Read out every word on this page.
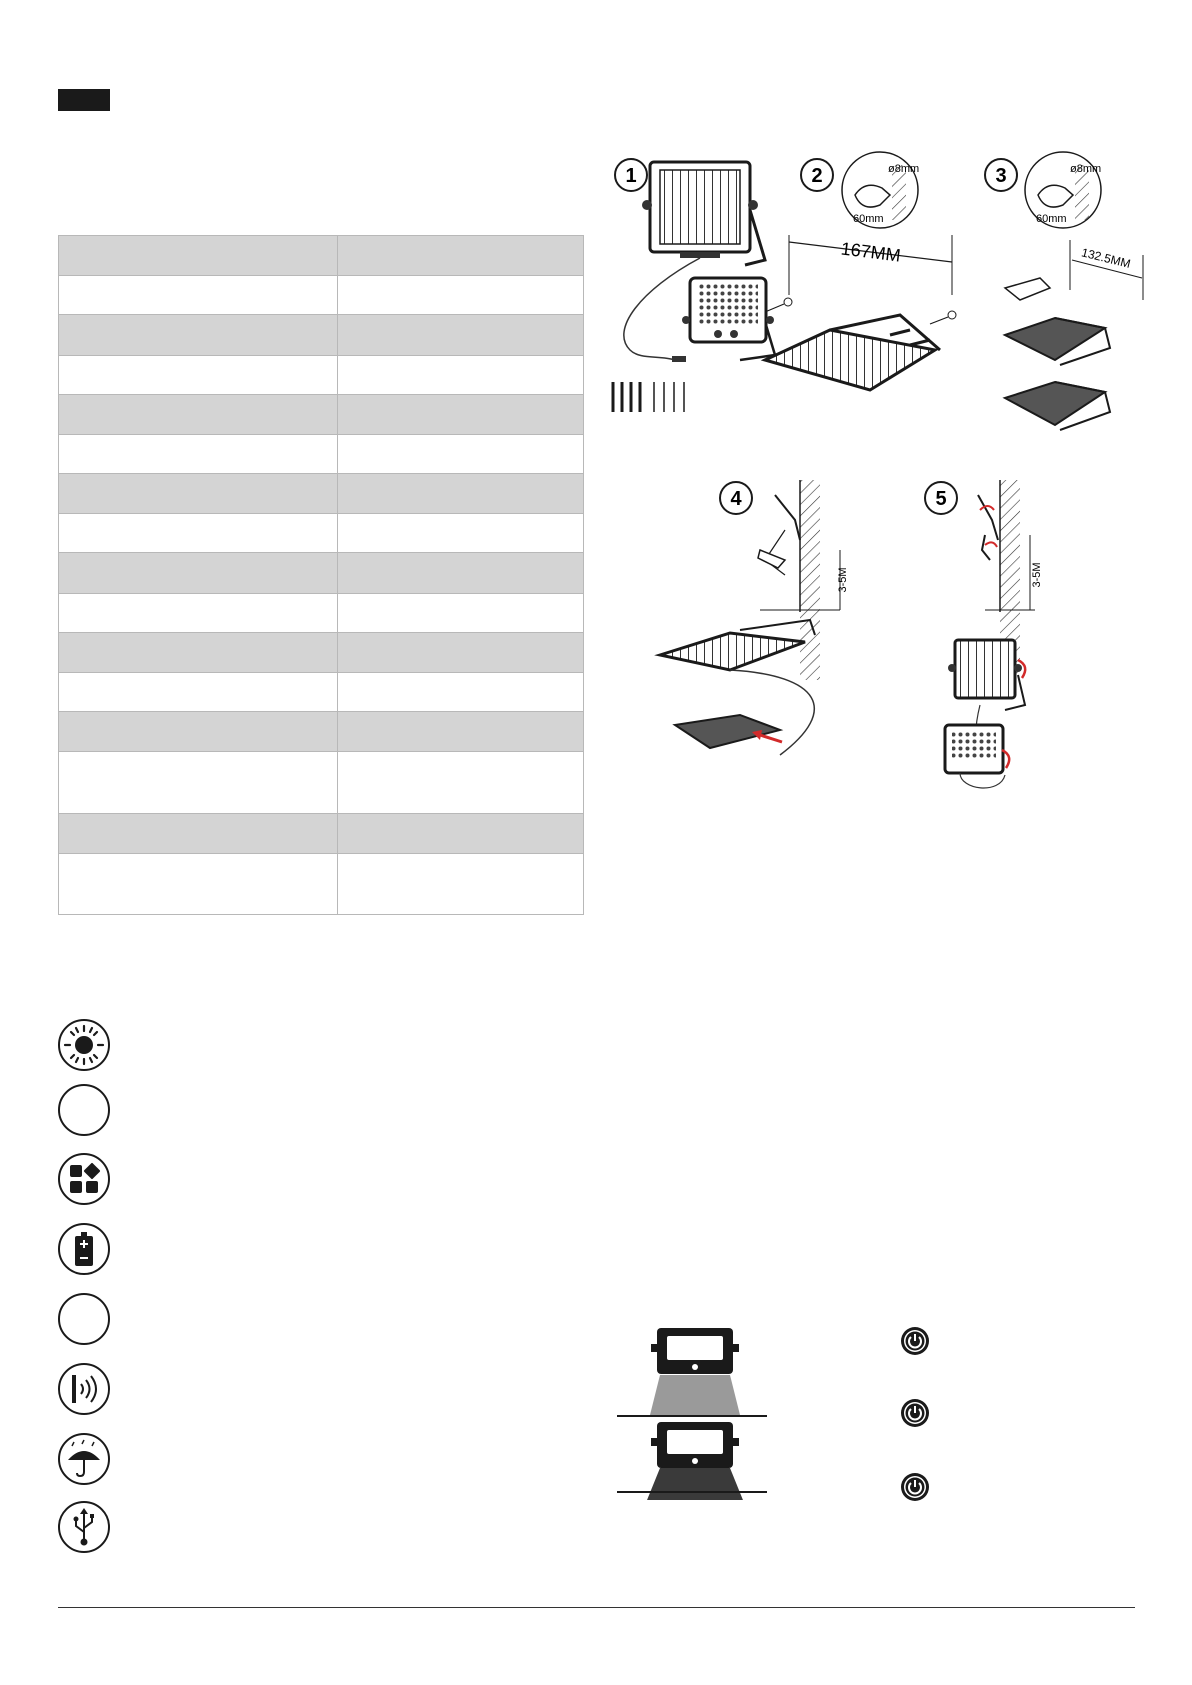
1	2	ø8mm
60mm
167MM
3	ø8mm
60mm
132.5MM
4
3-5M
5
3-5M
